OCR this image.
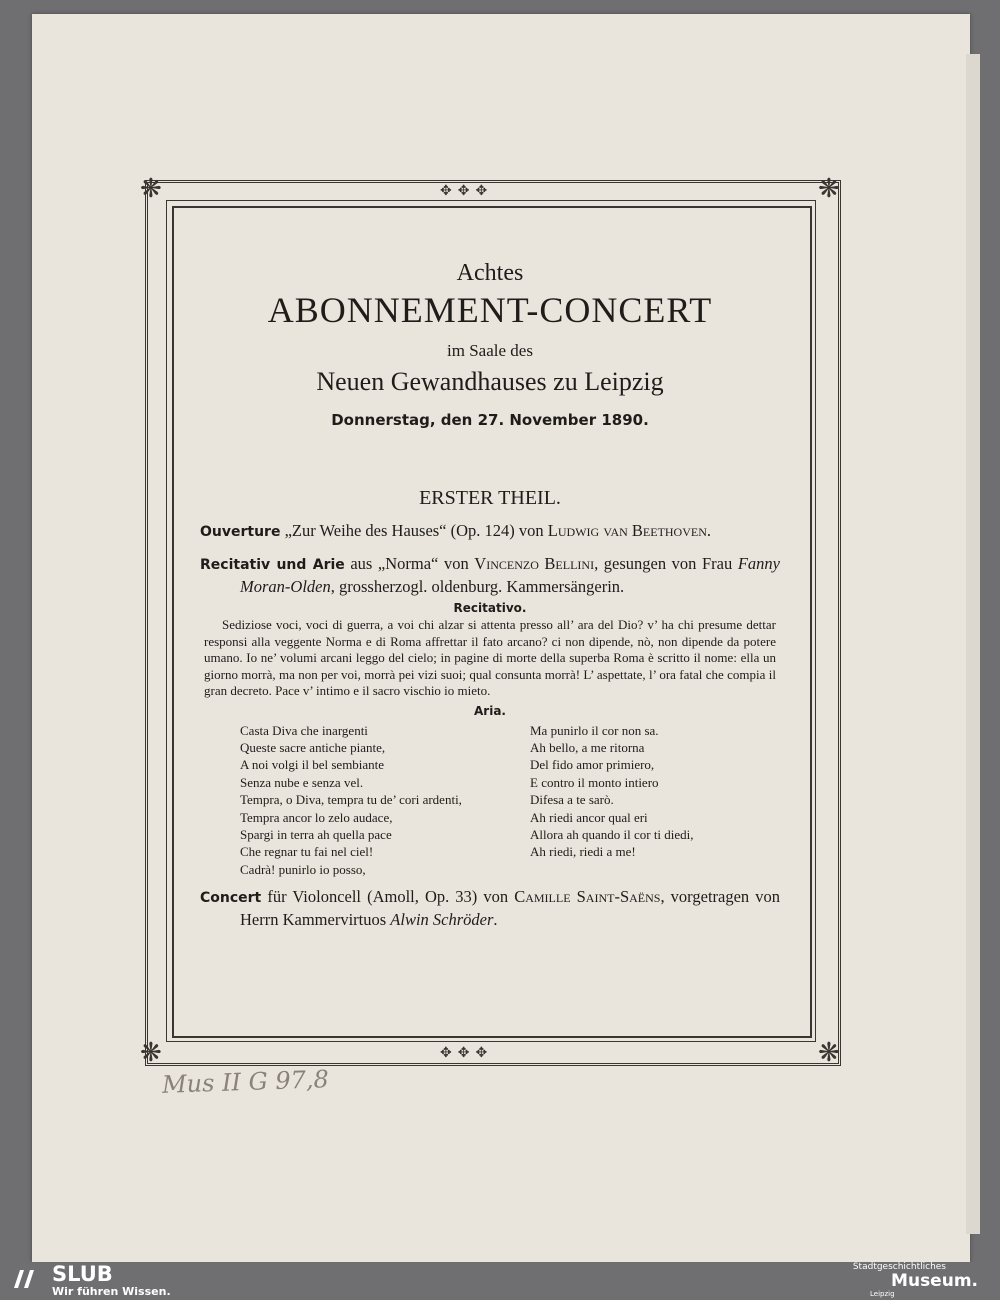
❋	❋
❋	❋
✥✥✥
✥✥✥
Achtes
ABONNEMENT-CONCERT
im Saale des
Neuen Gewandhauses zu Leipzig
Donnerstag, den 27. November 1890.
ERSTER THEIL.
Ouverture „Zur Weihe des Hauses“ (Op. 124) von Ludwig van Beethoven.
Recitativ und Arie aus „Norma“ von Vincenzo Bellini, gesungen von Frau Fanny Moran-Olden, grossherzogl. oldenburg. Kammersängerin.
Recitativo.
Sediziose voci, voci di guerra, a voi chi alzar si attenta presso all’ ara del Dio? v’ ha chi presume dettar responsi alla veggente Norma e di Roma affrettar il fato arcano? ci non dipende, nò, non dipende da potere umano. Io ne’ volumi arcani leggo del cielo; in pagine di morte della superba Roma è scritto il nome: ella un giorno morrà, ma non per voi, morrà pei vizi suoi; qual consunta morrà! L’ aspettate, l’ ora fatal che compia il gran decreto. Pace v’ intimo e il sacro vischio io mieto.
Aria.
Casta Diva che inargenti
Queste sacre antiche piante,
A noi volgi il bel sembiante
Senza nube e senza vel.
Tempra, o Diva, tempra tu de’ cori ardenti,
Tempra ancor lo zelo audace,
Spargi in terra ah quella pace
Che regnar tu fai nel ciel!
Cadrà! punirlo io posso,
Ma punirlo il cor non sa.
Ah bello, a me ritorna
Del fido amor primiero,
E contro il monto intiero
Difesa a te sarò.
Ah riedi ancor qual eri
Allora ah quando il cor ti diedi,
Ah riedi, riedi a me!
Concert für Violoncell (Amoll, Op. 33) von Camille Saint-Saëns, vorgetragen von Herrn Kammervirtuos Alwin Schröder.
Mus II G 97,8
SLUB
Wir führen Wissen.
Stadtgeschichtliches
Museum.
Leipzig
